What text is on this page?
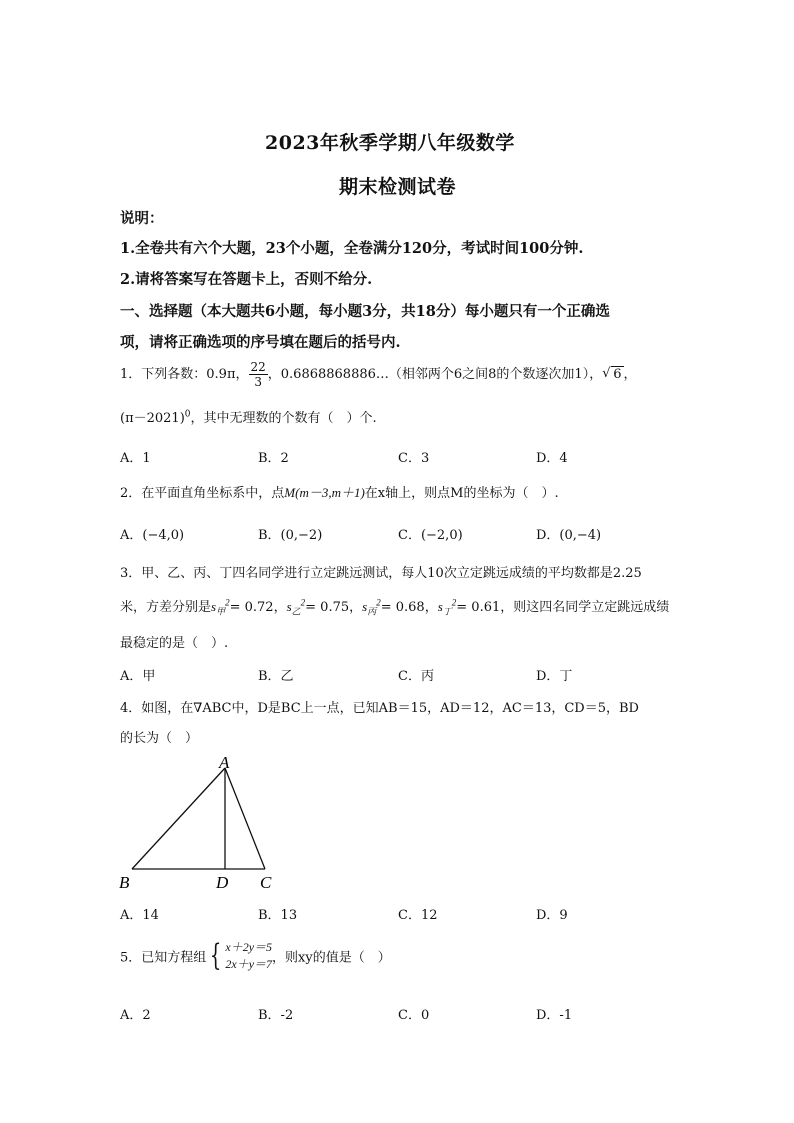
2023年秋季学期八年级数学
期末检测试卷
说明：
1.全卷共有六个大题，23个小题，全卷满分120分，考试时间100分钟.
2.请将答案写在答题卡上，否则不给分.
一、选择题（本大题共6小题，每小题3分，共18分）每小题只有一个正确选
项，请将正确选项的序号填在题后的括号内.
1．下列各数：0.9π， $\frac{22}{3}$ ，0.6868868886…（相邻两个6之间8的个数逐次加1），√ 6 ，
$(\pi-2021)^0$，其中无理数的个数有（　）个.
A．1	B．2	C．3	D．4
2．在平面直角坐标系中，点M(m－3,m＋1)在x轴上，则点M的坐标为（　）.
A．(−4,0)	B．(0,−2)	C．(−2,0)	D．(0,−4)
3．甲、乙、丙、丁四名同学进行立定跳远测试，每人10次立定跳远成绩的平均数都是2.25
米，方差分别是$s_甲^2= 0.72$，$s_乙^2= 0.75$，$s_丙^2= 0.68$，$s_丁^2= 0.61$，则这四名同学立定跳远成绩
最稳定的是（　）.
A．甲	B．乙	C．丙	D．丁
4．如图，在∇ABC中，D是BC上一点，已知AB＝15，AD＝12，AC＝13，CD＝5，BD
的长为（　）
A
B	D C
A．14	B．13	C．12	D．9
5．已知方程组 { x＋2y＝5
2x＋y＝7 ，则xy的值是（　）
A．2	B．-2	C．0	D．-1
